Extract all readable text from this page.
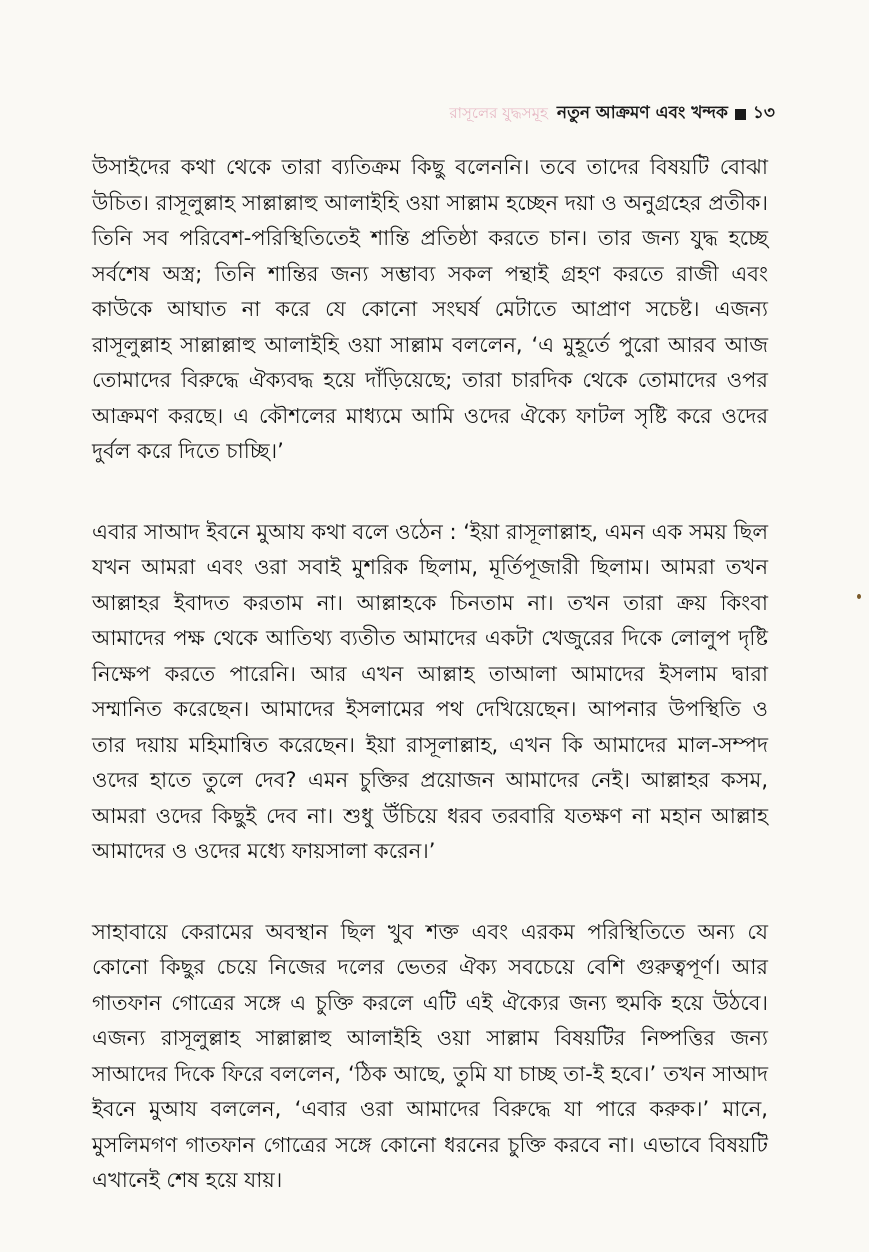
রাসূলের যুদ্ধসমূহ নতুন আক্রমণ এবং খন্দক ১৩

উসাইদের কথা থেকে তারা ব্যতিক্রম কিছু বলেননি। তবে তাদের বিষয়টি বোঝা উচিত। রাসূলুল্লাহ সাল্লাল্লাহু আলাইহি ওয়া সাল্লাম হচ্ছেন দয়া ও অনুগ্রহের প্রতীক। তিনি সব পরিবেশ-পরিস্থিতিতেই শান্তি প্রতিষ্ঠা করতে চান। তার জন্য যুদ্ধ হচ্ছে সর্বশেষ অস্ত্র; তিনি শান্তির জন্য সম্ভাব্য সকল পন্থাই গ্রহণ করতে রাজী এবং কাউকে আঘাত না করে যে কোনো সংঘর্ষ মেটাতে আপ্রাণ সচেষ্ট। এজন্য রাসূলুল্লাহ সাল্লাল্লাহু আলাইহি ওয়া সাল্লাম বললেন, ‘এ মুহূর্তে পুরো আরব আজ তোমাদের বিরুদ্ধে ঐক্যবদ্ধ হয়ে দাঁড়িয়েছে; তারা চারদিক থেকে তোমাদের ওপর আক্রমণ করছে। এ কৌশলের মাধ্যমে আমি ওদের ঐক্যে ফাটল সৃষ্টি করে ওদের দুর্বল করে দিতে চাচ্ছি।’

এবার সাআদ ইবনে মুআয কথা বলে ওঠেন : ‘ইয়া রাসূলাল্লাহ, এমন এক সময় ছিল যখন আমরা এবং ওরা সবাই মুশরিক ছিলাম, মূর্তিপূজারী ছিলাম। আমরা তখন আল্লাহর ইবাদত করতাম না। আল্লাহকে চিনতাম না। তখন তারা ক্রয় কিংবা আমাদের পক্ষ থেকে আতিথ্য ব্যতীত আমাদের একটা খেজুরের দিকে লোলুপ দৃষ্টি নিক্ষেপ করতে পারেনি। আর এখন আল্লাহ তাআলা আমাদের ইসলাম দ্বারা সম্মানিত করেছেন। আমাদের ইসলামের পথ দেখিয়েছেন। আপনার উপস্থিতি ও তার দয়ায় মহিমান্বিত করেছেন। ইয়া রাসূলাল্লাহ, এখন কি আমাদের মাল-সম্পদ ওদের হাতে তুলে দেব? এমন চুক্তির প্রয়োজন আমাদের নেই। আল্লাহর কসম, আমরা ওদের কিছুই দেব না। শুধু উঁচিয়ে ধরব তরবারি যতক্ষণ না মহান আল্লাহ আমাদের ও ওদের মধ্যে ফায়সালা করেন।’

সাহাবায়ে কেরামের অবস্থান ছিল খুব শক্ত এবং এরকম পরিস্থিতিতে অন্য যে কোনো কিছুর চেয়ে নিজের দলের ভেতর ঐক্য সবচেয়ে বেশি গুরুত্বপূর্ণ। আর গাতফান গোত্রের সঙ্গে এ চুক্তি করলে এটি এই ঐক্যের জন্য হুমকি হয়ে উঠবে। এজন্য রাসূলুল্লাহ সাল্লাল্লাহু আলাইহি ওয়া সাল্লাম বিষয়টির নিষ্পত্তির জন্য সাআদের দিকে ফিরে বললেন, ‘ঠিক আছে, তুমি যা চাচ্ছ তা-ই হবে।’ তখন সাআদ ইবনে মুআয বললেন, ‘এবার ওরা আমাদের বিরুদ্ধে যা পারে করুক।’ মানে, মুসলিমগণ গাতফান গোত্রের সঙ্গে কোনো ধরনের চুক্তি করবে না। এভাবে বিষয়টি এখানেই শেষ হয়ে যায়।
